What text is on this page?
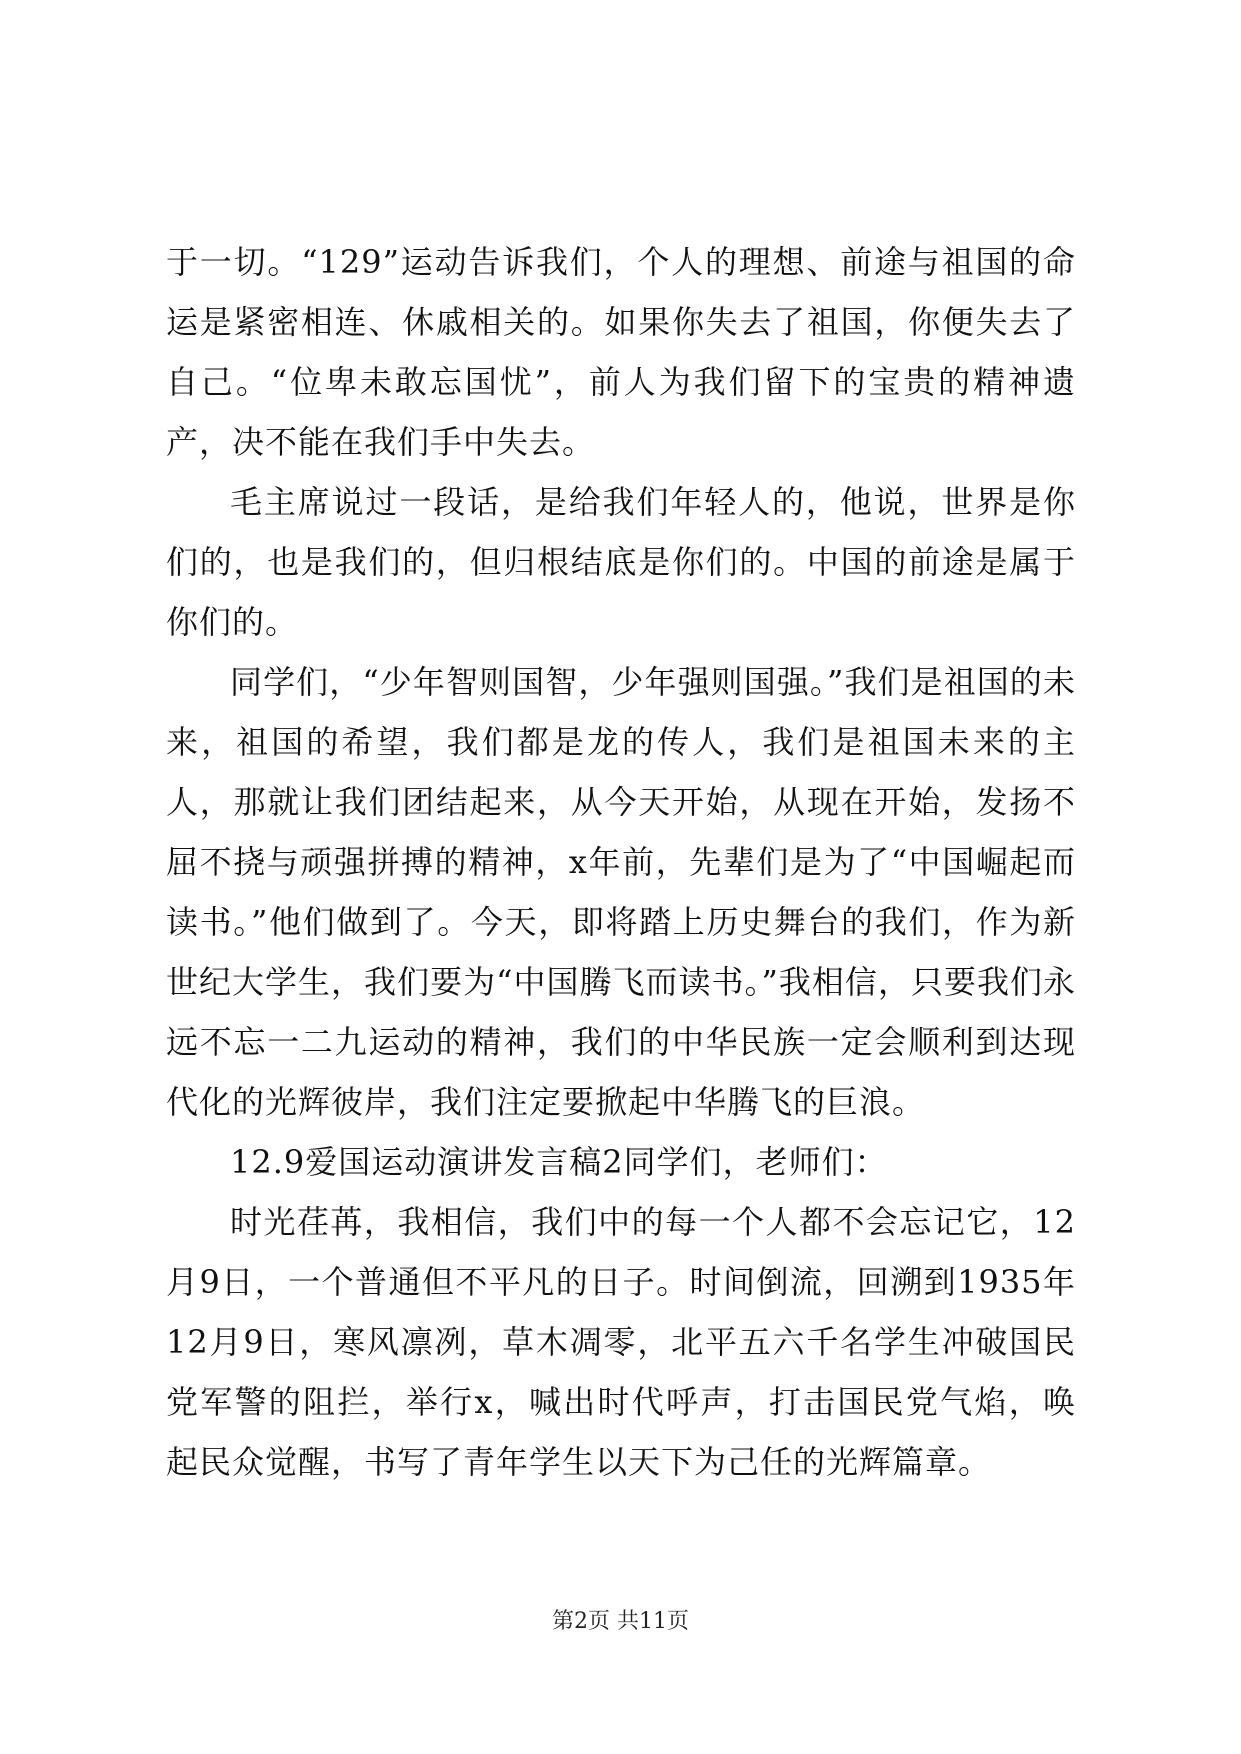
于一切。“129”运动告诉我们，个人的理想、前途与祖国的命运是紧密相连、休戚相关的。如果你失去了祖国，你便失去了自己。“位卑未敢忘国忧”，前人为我们留下的宝贵的精神遗产，决不能在我们手中失去。

毛主席说过一段话，是给我们年轻人的，他说，世界是你们的，也是我们的，但归根结底是你们的。中国的前途是属于你们的。

同学们，“少年智则国智，少年强则国强。”我们是祖国的未来，祖国的希望，我们都是龙的传人，我们是祖国未来的主人，那就让我们团结起来，从今天开始，从现在开始，发扬不屈不挠与顽强拼搏的精神，x年前，先辈们是为了“中国崛起而读书。”他们做到了。今天，即将踏上历史舞台的我们，作为新世纪大学生，我们要为“中国腾飞而读书。”我相信，只要我们永远不忘一二九运动的精神，我们的中华民族一定会顺利到达现代化的光辉彼岸，我们注定要掀起中华腾飞的巨浪。

12.9爱国运动演讲发言稿2同学们，老师们：

时光荏苒，我相信，我们中的每一个人都不会忘记它，12月9日，一个普通但不平凡的日子。时间倒流，回溯到1935年12月9日，寒风凛冽，草木凋零，北平五六千名学生冲破国民党军警的阻拦，举行x，喊出时代呼声，打击国民党气焰，唤起民众觉醒，书写了青年学生以天下为己任的光辉篇章。

第2页 共11页
